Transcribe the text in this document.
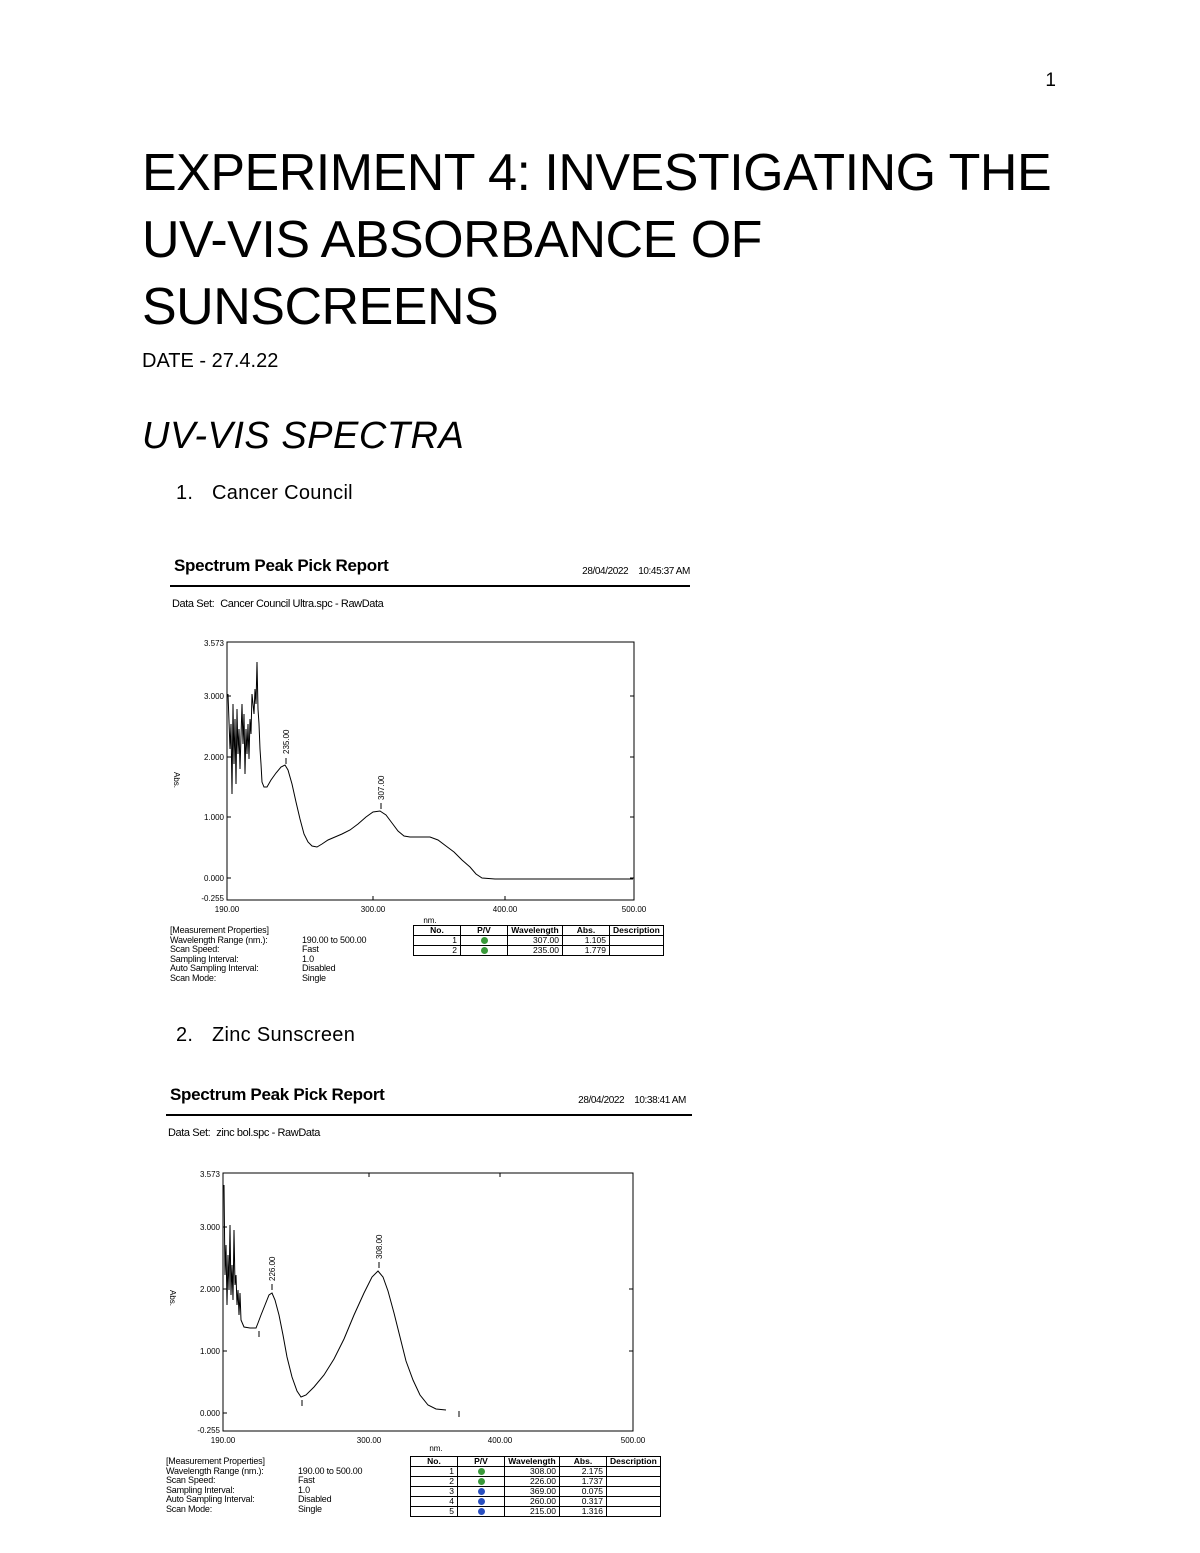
1
EXPERIMENT 4: INVESTIGATING THE UV-VIS ABSORBANCE OF SUNSCREENS
DATE - 27.4.22
UV-VIS SPECTRA
1. Cancer Council
Spectrum Peak Pick Report	28/04/2022 10:45:37 AM
Data Set: Cancer Council Ultra.spc - RawData
3.573
3.000
2.000
1.000
0.000
-0.255
190.00	300.00	400.00	500.00
nm.
Abs.
235.00
307.00
[Measurement Properties]
Wavelength Range (nm.):	190.00 to 500.00
Scan Speed:	Fast
Sampling Interval:	1.0
Auto Sampling Interval:	Disabled
Scan Mode:	Single
No.	P/V	Wavelength	Abs.	Description
1		307.00	1.105	
2		235.00	1.779	
2. Zinc Sunscreen
Spectrum Peak Pick Report	28/04/2022 10:38:41 AM
Data Set: zinc bol.spc - RawData
3.573
3.000
2.000
1.000
0.000
-0.255
190.00	300.00	400.00	500.00
nm.
Abs.
308.00
226.00
[Measurement Properties]
Wavelength Range (nm.):	190.00 to 500.00
Scan Speed:	Fast
Sampling Interval:	1.0
Auto Sampling Interval:	Disabled
Scan Mode:	Single
No.	P/V	Wavelength	Abs.	Description
1		308.00	2.175	
2		226.00	1.737	
3		369.00	0.075	
4		260.00	0.317	
5		215.00	1.316	
